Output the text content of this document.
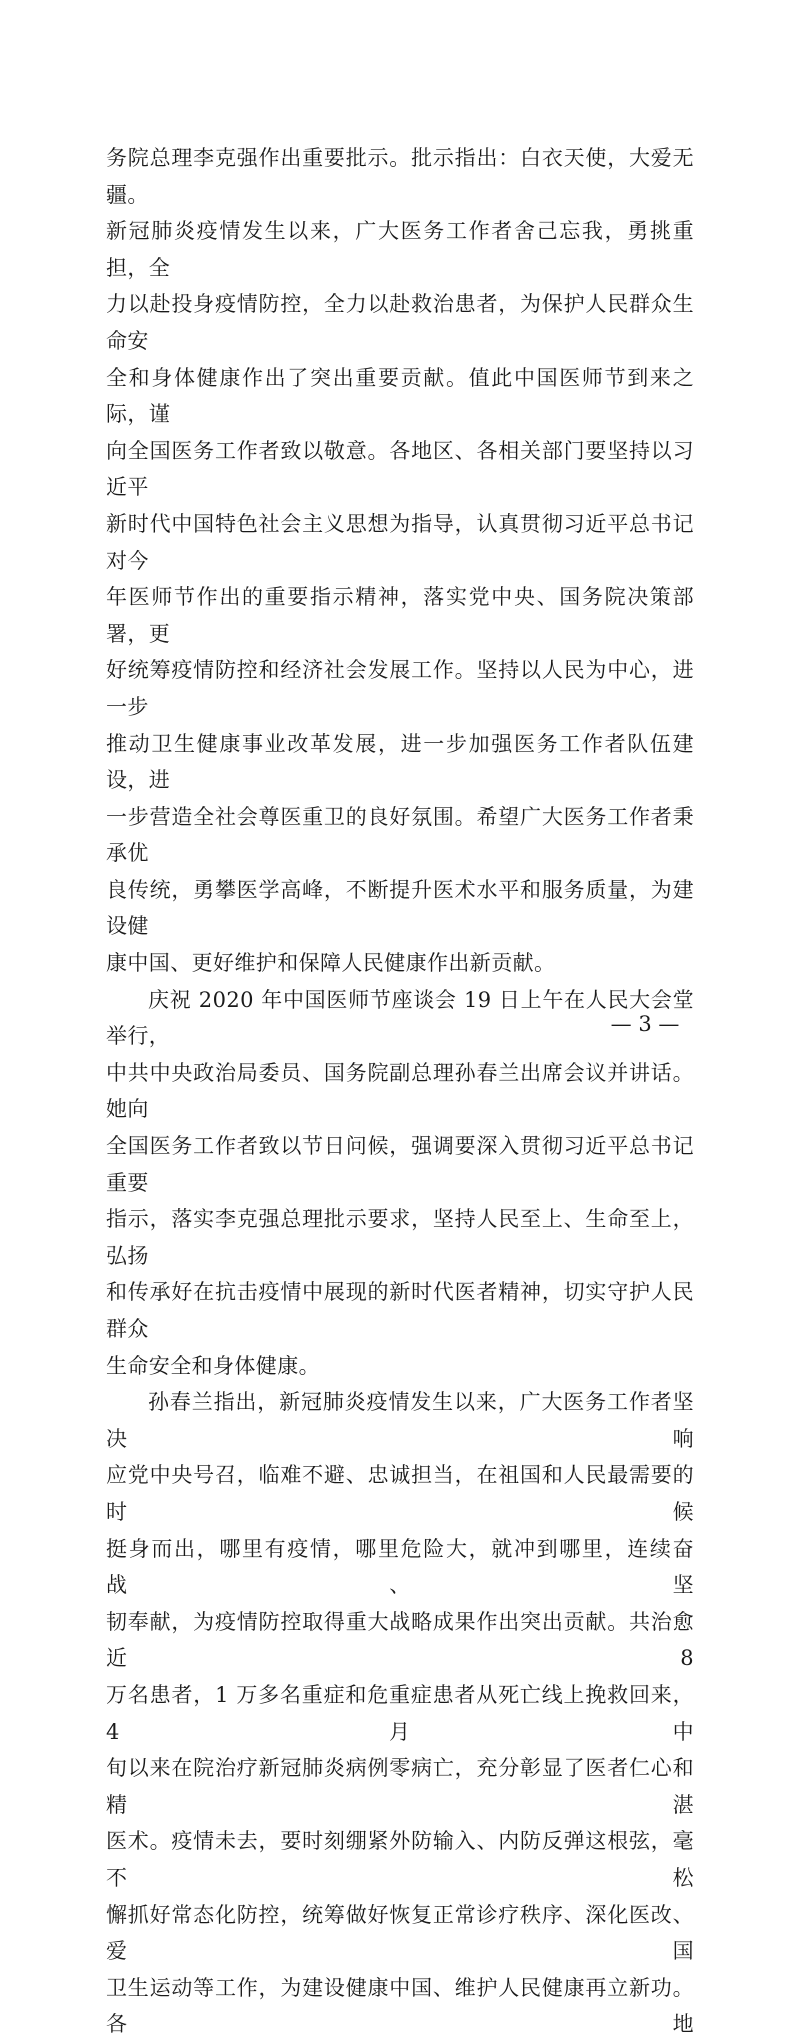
务院总理李克强作出重要批示。批示指出：白衣天使，大爱无疆。
新冠肺炎疫情发生以来，广大医务工作者舍己忘我，勇挑重担，全
力以赴投身疫情防控，全力以赴救治患者，为保护人民群众生命安
全和身体健康作出了突出重要贡献。值此中国医师节到来之际，谨
向全国医务工作者致以敬意。各地区、各相关部门要坚持以习近平
新时代中国特色社会主义思想为指导，认真贯彻习近平总书记对今
年医师节作出的重要指示精神，落实党中央、国务院决策部署，更
好统筹疫情防控和经济社会发展工作。坚持以人民为中心，进一步
推动卫生健康事业改革发展，进一步加强医务工作者队伍建设，进
一步营造全社会尊医重卫的良好氛围。希望广大医务工作者秉承优
良传统，勇攀医学高峰，不断提升医术水平和服务质量，为建设健
康中国、更好维护和保障人民健康作出新贡献。

庆祝 2020 年中国医师节座谈会 19 日上午在人民大会堂举行，
中共中央政治局委员、国务院副总理孙春兰出席会议并讲话。她向
全国医务工作者致以节日问候，强调要深入贯彻习近平总书记重要
指示，落实李克强总理批示要求，坚持人民至上、生命至上，弘扬
和传承好在抗击疫情中展现的新时代医者精神，切实守护人民群众
生命安全和身体健康。

孙春兰指出，新冠肺炎疫情发生以来，广大医务工作者坚决响
应党中央号召，临难不避、忠诚担当，在祖国和人民最需要的时候
挺身而出，哪里有疫情，哪里危险大，就冲到哪里，连续奋战、坚
韧奉献，为疫情防控取得重大战略成果作出突出贡献。共治愈近 8
万名患者，1 万多名重症和危重症患者从死亡线上挽救回来，4 月中
旬以来在院治疗新冠肺炎病例零病亡，充分彰显了医者仁心和精湛
医术。疫情未去，要时刻绷紧外防输入、内防反弹这根弦，毫不松
懈抓好常态化防控，统筹做好恢复正常诊疗秩序、深化医改、爱国
卫生运动等工作，为建设健康中国、维护人民健康再立新功。各地

— 3 —
